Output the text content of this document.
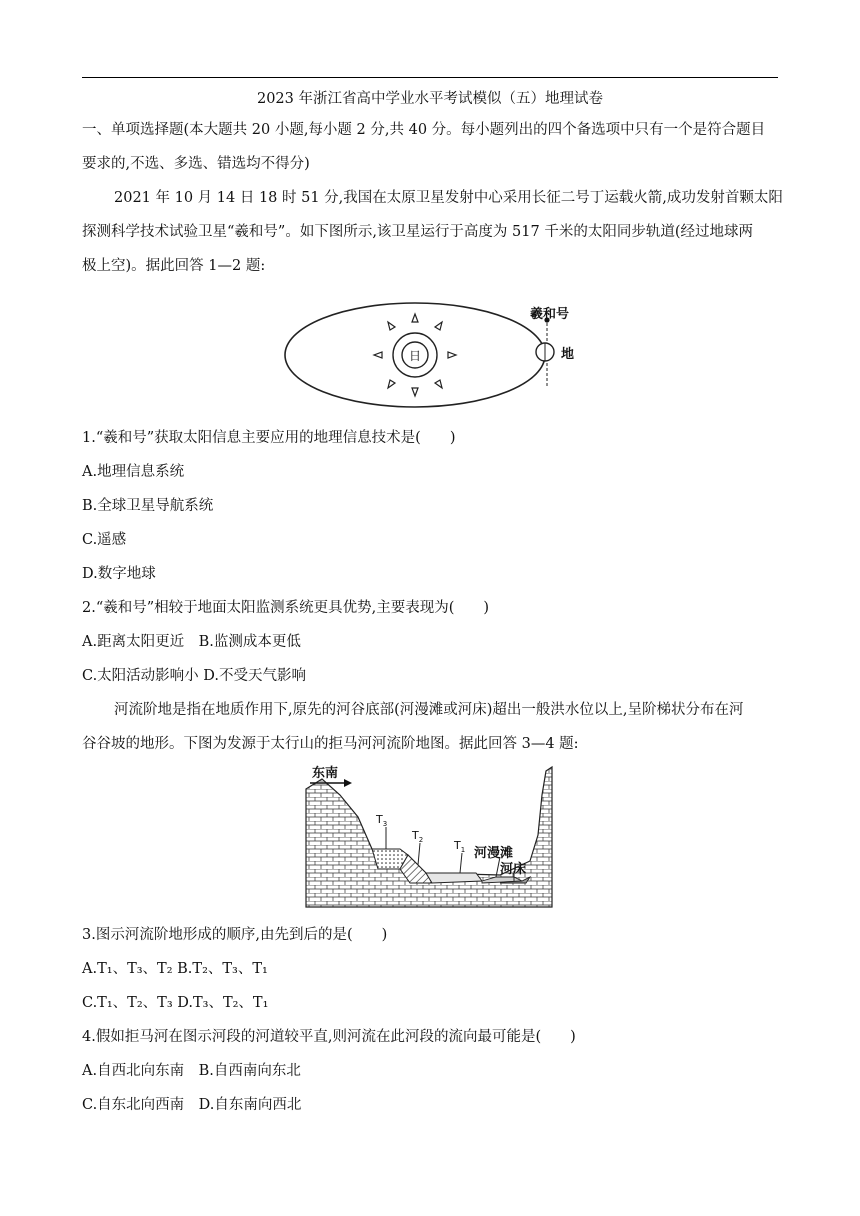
2023 年浙江省高中学业水平考试模似（五）地理试卷
一、单项选择题(本大题共 20 小题,每小题 2 分,共 40 分。每小题列出的四个备选项中只有一个是符合题目
要求的,不选、多选、错选均不得分)
2021 年 10 月 14 日 18 时 51 分,我国在太原卫星发射中心采用长征二号丁运载火箭,成功发射首颗太阳
探测科学技术试验卫星“羲和号”。如下图所示,该卫星运行于高度为 517 千米的太阳同步轨道(经过地球两
极上空)。据此回答 1—2 题:
日
羲和号
地
1.“羲和号”获取太阳信息主要应用的地理信息技术是(　　)
A.地理信息系统
B.全球卫星导航系统
C.遥感
D.数字地球
2.“羲和号”相较于地面太阳监测系统更具优势,主要表现为(　　)
A.距离太阳更近　B.监测成本更低
C.太阳活动影响小 D.不受天气影响
河流阶地是指在地质作用下,原先的河谷底部(河漫滩或河床)超出一般洪水位以上,呈阶梯状分布在河
谷谷坡的地形。下图为发源于太行山的拒马河河流阶地图。据此回答 3—4 题:
东南
$T_3$
$T_2$	$T_1$ 河漫滩
河床
3.图示河流阶地形成的顺序,由先到后的是(　　)
A.T₁、T₃、T₂ B.T₂、T₃、T₁
C.T₁、T₂、T₃ D.T₃、T₂、T₁
4.假如拒马河在图示河段的河道较平直,则河流在此河段的流向最可能是(　　)
A.自西北向东南　B.自西南向东北
C.自东北向西南　D.自东南向西北
